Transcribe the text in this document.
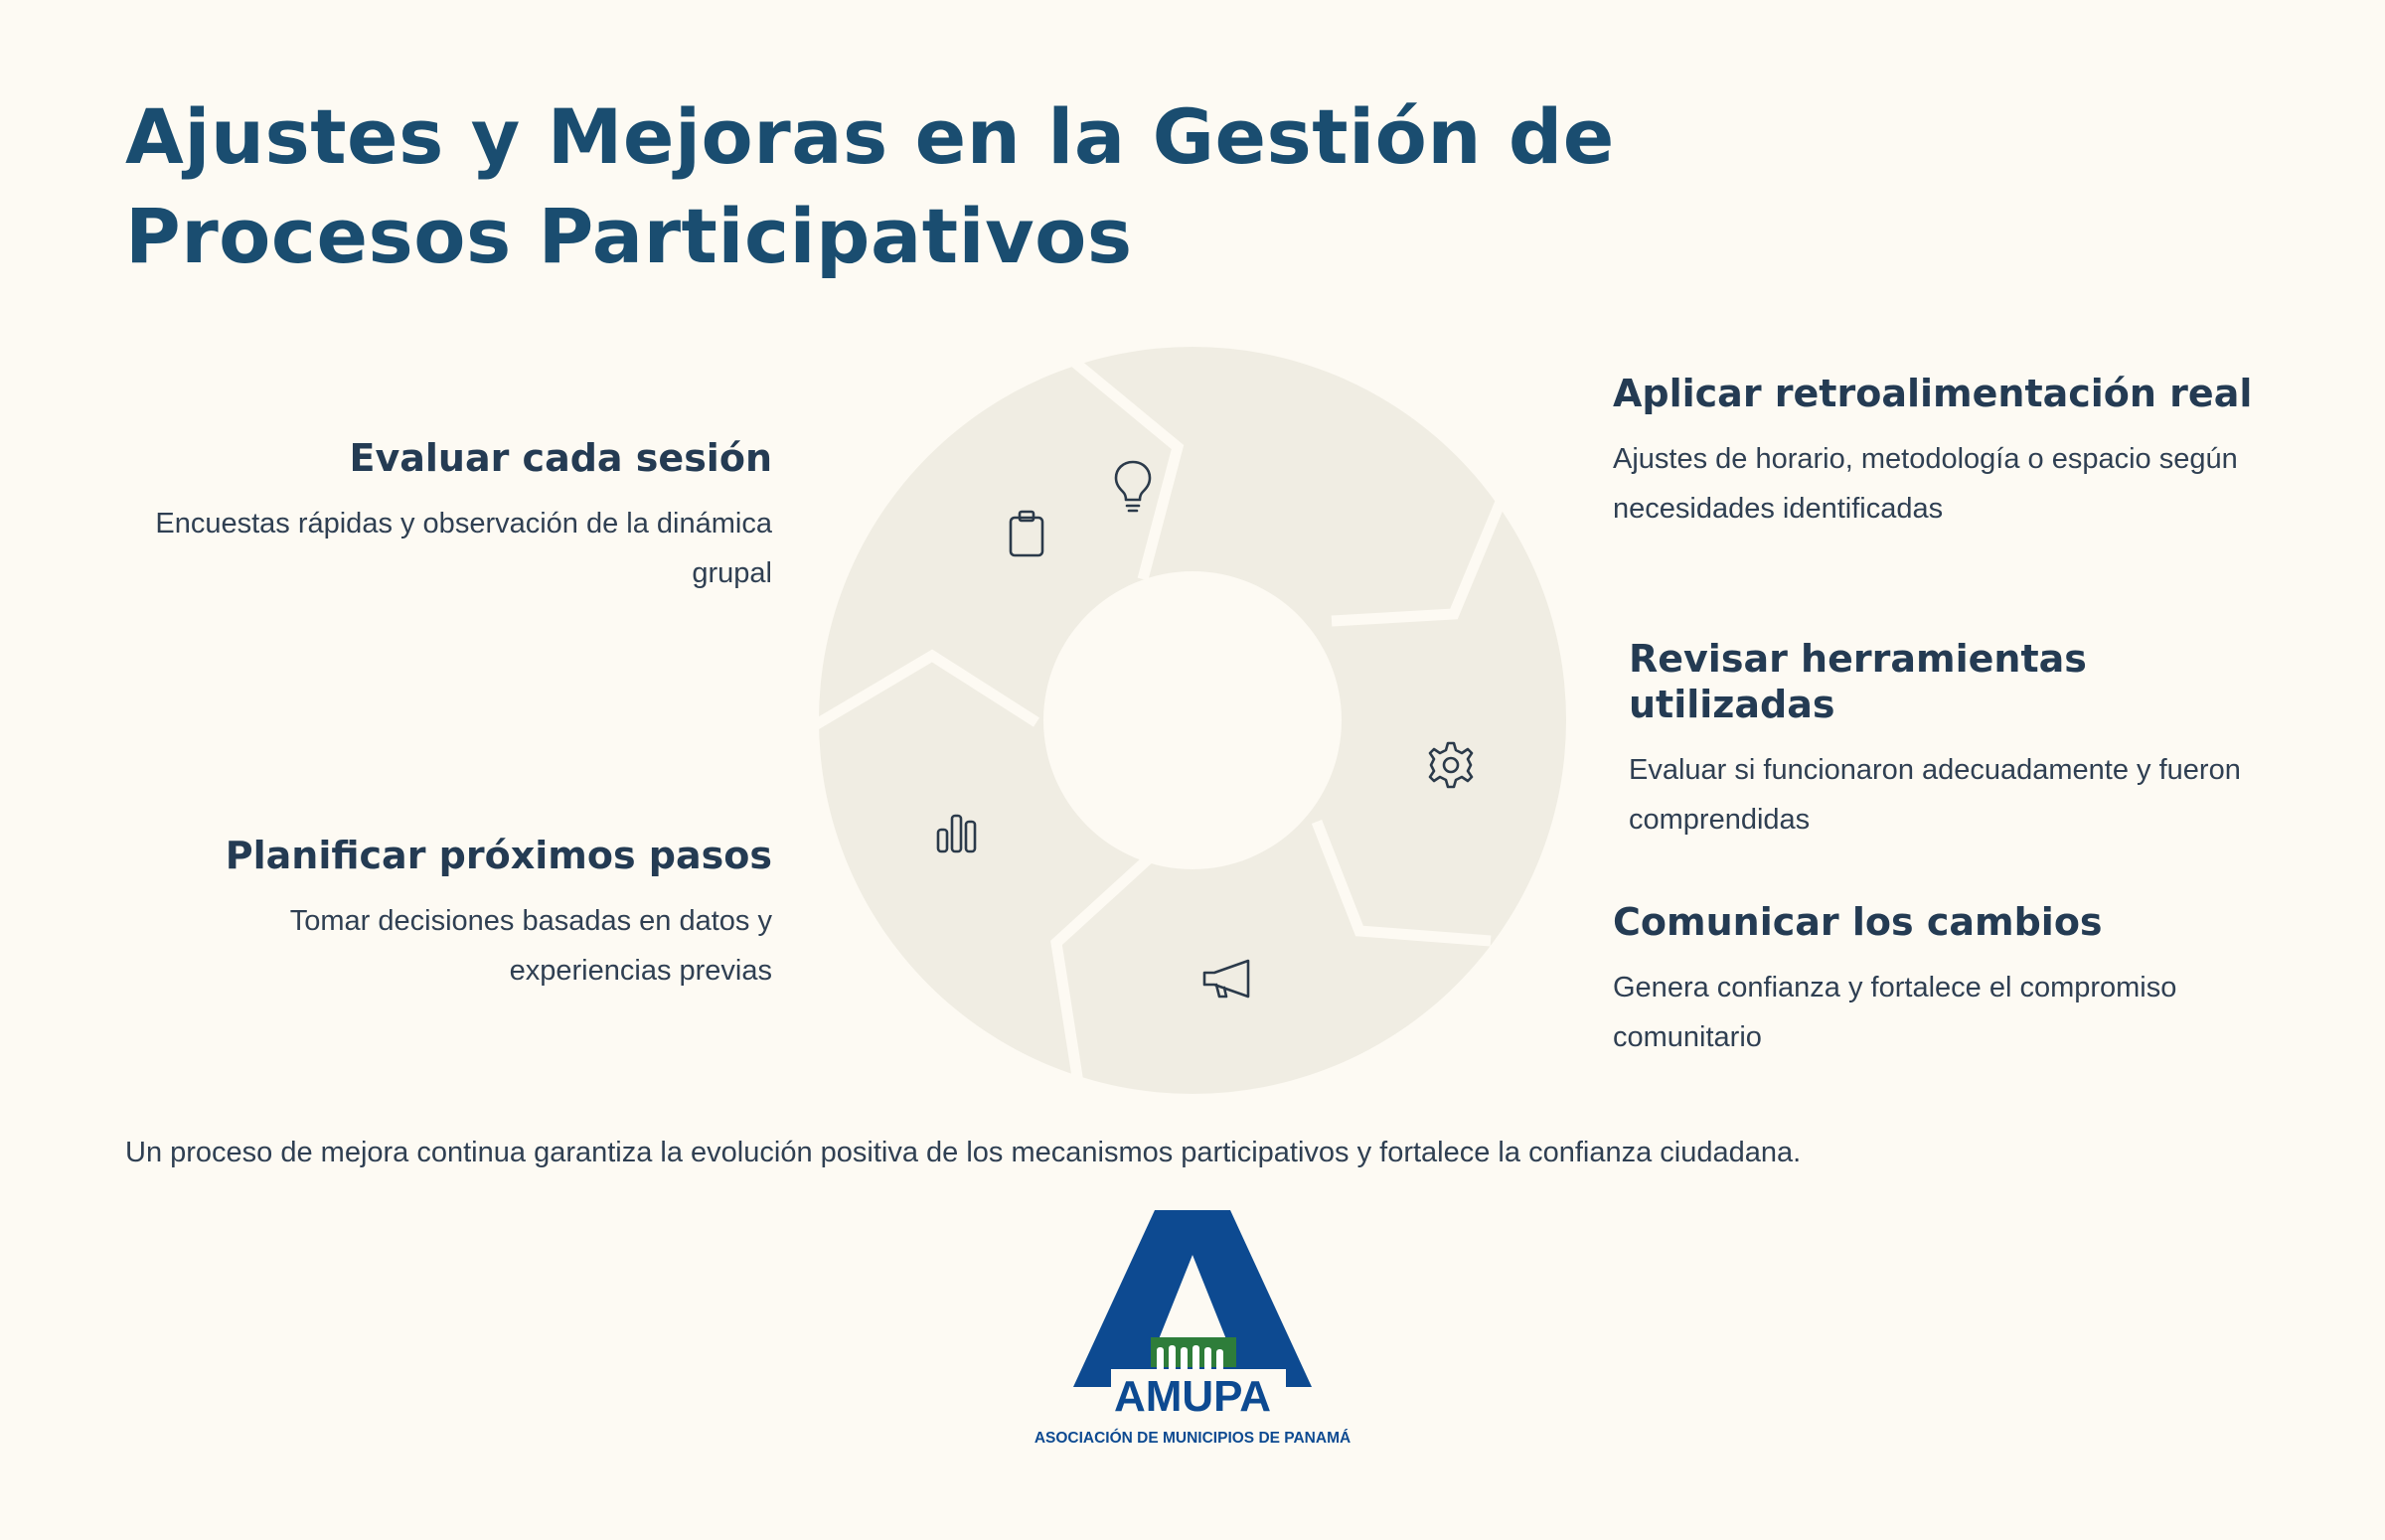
Ajustes y Mejoras en la Gestión de Procesos Participativos
Evaluar cada sesión

Encuestas rápidas y observación de la dinámica grupal

Planificar próximos pasos

Tomar decisiones basadas en datos y experiencias previas

Aplicar retroalimentación real

Ajustes de horario, metodología o espacio según necesidades identificadas

Revisar herramientas utilizadas

Evaluar si funcionaron adecuadamente y fueron comprendidas

Comunicar los cambios

Genera confianza y fortalece el compromiso comunitario

Un proceso de mejora continua garantiza la evolución positiva de los mecanismos participativos y fortalece la confianza ciudadana.

AMUPA
ASOCIACIÓN DE MUNICIPIOS DE PANAMÁ
